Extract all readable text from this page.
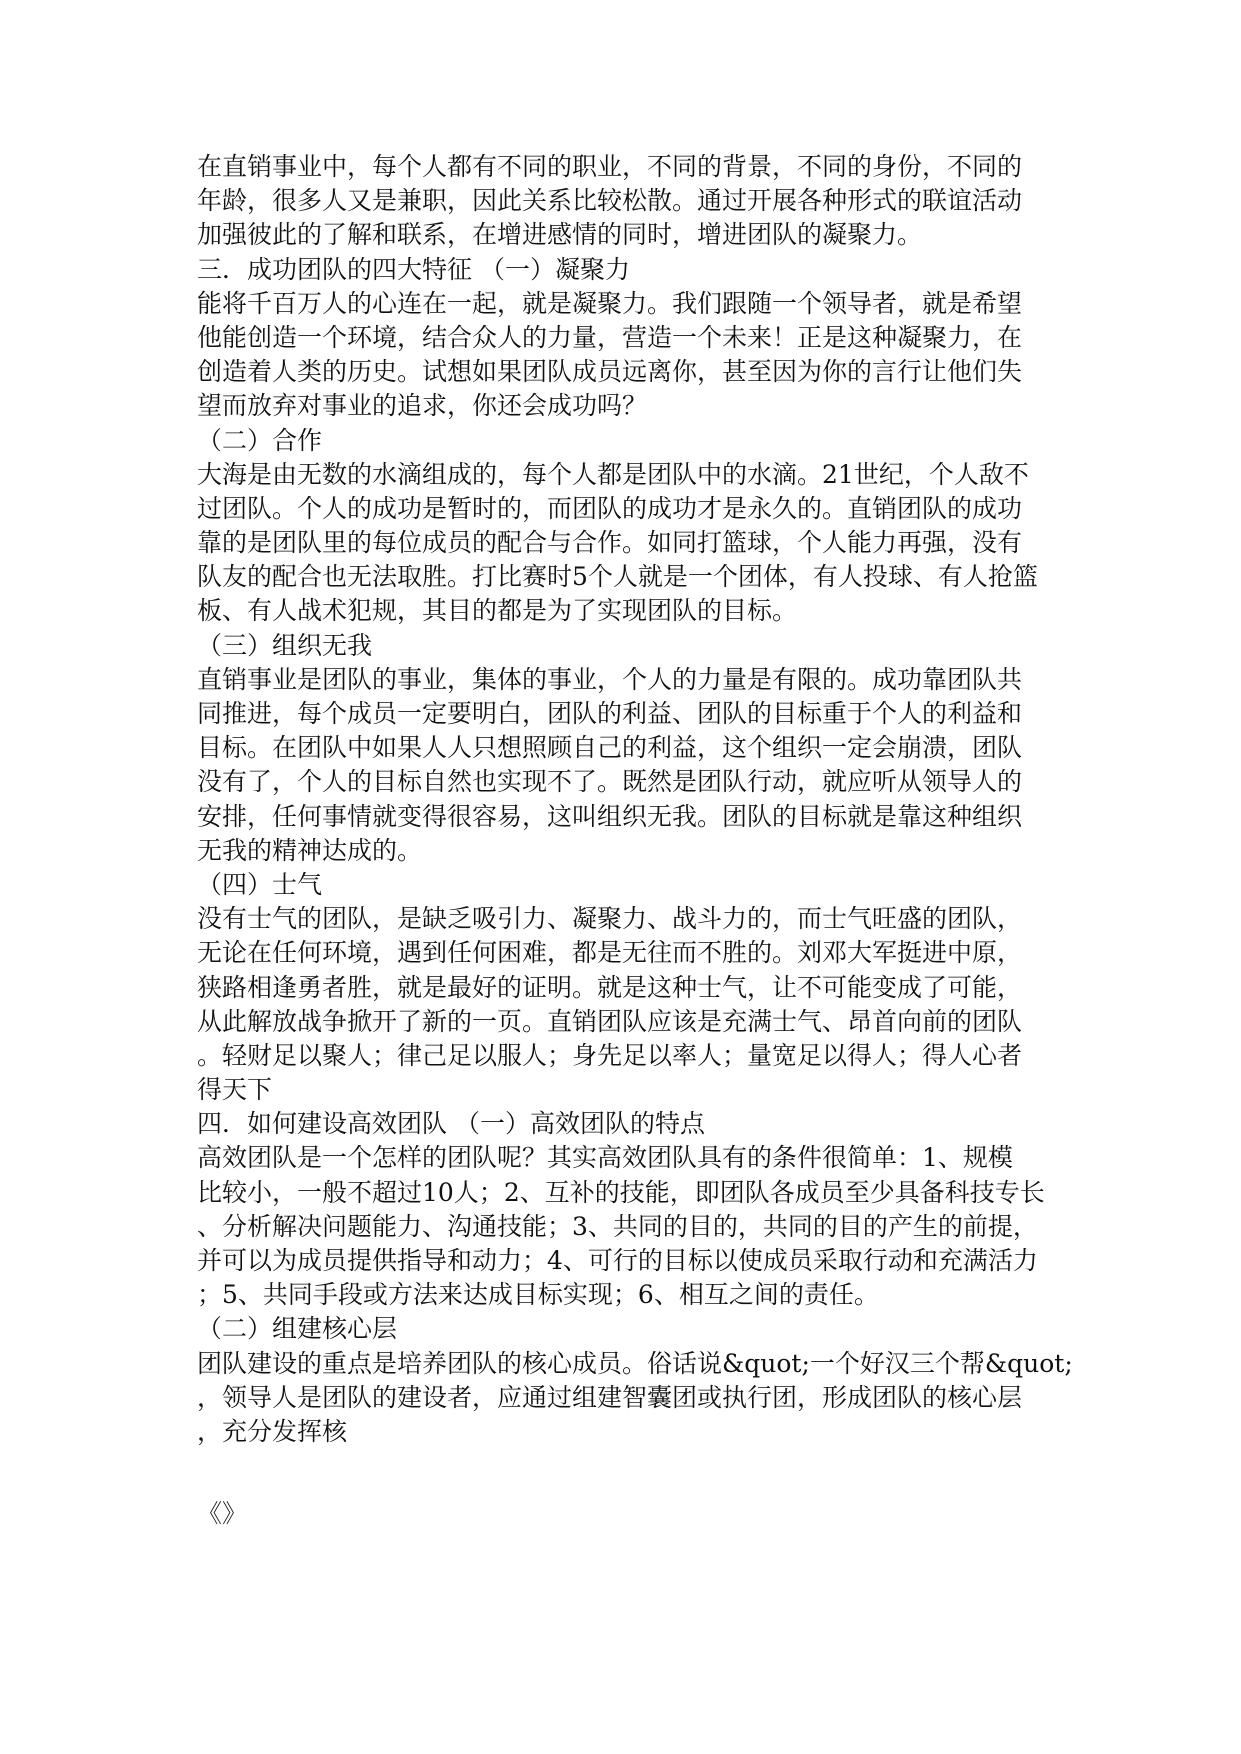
在直销事业中，每个人都有不同的职业，不同的背景，不同的身份，不同的
年龄，很多人又是兼职，因此关系比较松散。通过开展各种形式的联谊活动
加强彼此的了解和联系，在增进感情的同时，增进团队的凝聚力。
三．成功团队的四大特征 （一）凝聚力
能将千百万人的心连在一起，就是凝聚力。我们跟随一个领导者，就是希望
他能创造一个环境，结合众人的力量，营造一个未来！正是这种凝聚力，在
创造着人类的历史。试想如果团队成员远离你，甚至因为你的言行让他们失
望而放弃对事业的追求，你还会成功吗？
（二）合作
大海是由无数的水滴组成的，每个人都是团队中的水滴。21世纪，个人敌不
过团队。个人的成功是暂时的，而团队的成功才是永久的。直销团队的成功
靠的是团队里的每位成员的配合与合作。如同打篮球，个人能力再强，没有
队友的配合也无法取胜。打比赛时5个人就是一个团体，有人投球、有人抢篮
板、有人战术犯规，其目的都是为了实现团队的目标。
（三）组织无我
直销事业是团队的事业，集体的事业，个人的力量是有限的。成功靠团队共
同推进，每个成员一定要明白，团队的利益、团队的目标重于个人的利益和
目标。在团队中如果人人只想照顾自己的利益，这个组织一定会崩溃，团队
没有了，个人的目标自然也实现不了。既然是团队行动，就应听从领导人的
安排，任何事情就变得很容易，这叫组织无我。团队的目标就是靠这种组织
无我的精神达成的。
（四）士气
没有士气的团队，是缺乏吸引力、凝聚力、战斗力的，而士气旺盛的团队，
无论在任何环境，遇到任何困难，都是无往而不胜的。刘邓大军挺进中原，
狭路相逢勇者胜，就是最好的证明。就是这种士气，让不可能变成了可能，
从此解放战争掀开了新的一页。直销团队应该是充满士气、昂首向前的团队
。轻财足以聚人；律己足以服人；身先足以率人；量宽足以得人；得人心者
得天下
四．如何建设高效团队 （一）高效团队的特点
高效团队是一个怎样的团队呢？其实高效团队具有的条件很简单：1、规模
比较小，一般不超过10人；2、互补的技能，即团队各成员至少具备科技专长
、分析解决问题能力、沟通技能；3、共同的目的，共同的目的产生的前提，
并可以为成员提供指导和动力；4、可行的目标以使成员采取行动和充满活力
；5、共同手段或方法来达成目标实现；6、相互之间的责任。
（二）组建核心层
团队建设的重点是培养团队的核心成员。俗话说&quot;一个好汉三个帮&quot;
，领导人是团队的建设者，应通过组建智囊团或执行团，形成团队的核心层
，充分发挥核
《》
